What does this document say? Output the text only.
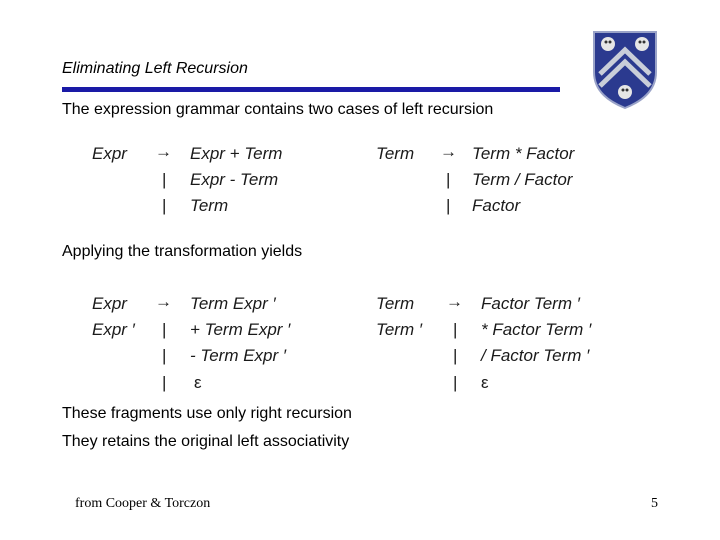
Eliminating Left Recursion
The expression grammar contains two cases of left recursion
Expr → Expr + Term
| Expr - Term
| Term
Term → Term * Factor
| Term / Factor
| Factor
Applying the transformation yields
Expr → Term Expr ′
Expr ′ | + Term Expr ′
| - Term Expr ′
| ε
Term → Factor Term ′
Term ′ | * Factor Term ′
| / Factor Term ′
| ε
These fragments use only right recursion
They retains the original left associativity
from Cooper & Torczon	5
